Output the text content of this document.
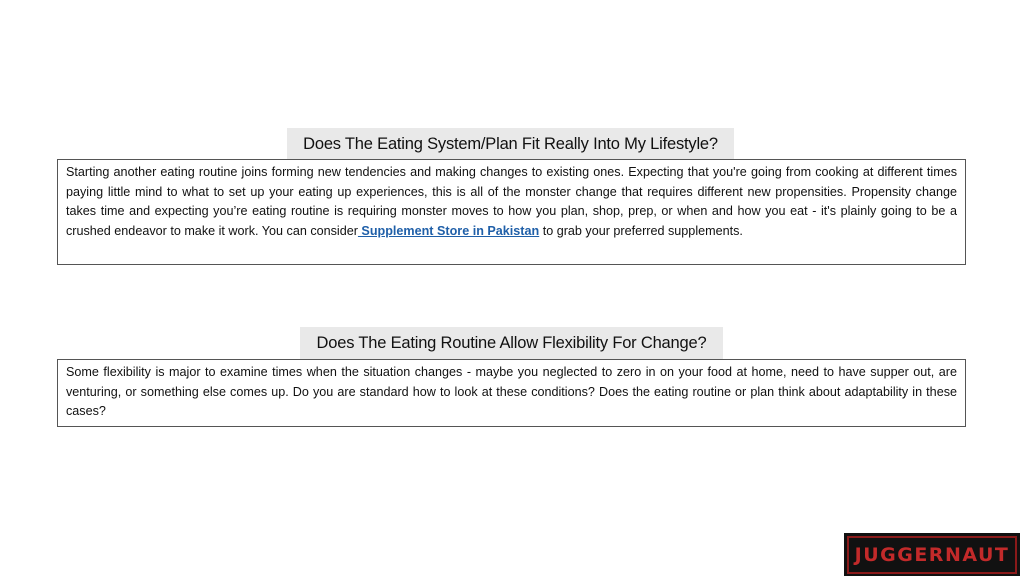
Does The Eating System/Plan Fit Really Into My Lifestyle?
Starting another eating routine joins forming new tendencies and making changes to existing ones. Expecting that you're going from cooking at different times paying little mind to what to set up your eating up experiences, this is all of the monster change that requires different new propensities. Propensity change takes time and expecting you’re eating routine is requiring monster moves to how you plan, shop, prep, or when and how you eat - it's plainly going to be a crushed endeavor to make it work. You can consider Supplement Store in Pakistan to grab your preferred supplements.
Does The Eating Routine Allow Flexibility For Change?
Some flexibility is major to examine times when the situation changes - maybe you neglected to zero in on your food at home, need to have supper out, are venturing, or something else comes up. Do you are standard how to look at these conditions? Does the eating routine or plan think about adaptability in these cases?
JUGGERNAUT
